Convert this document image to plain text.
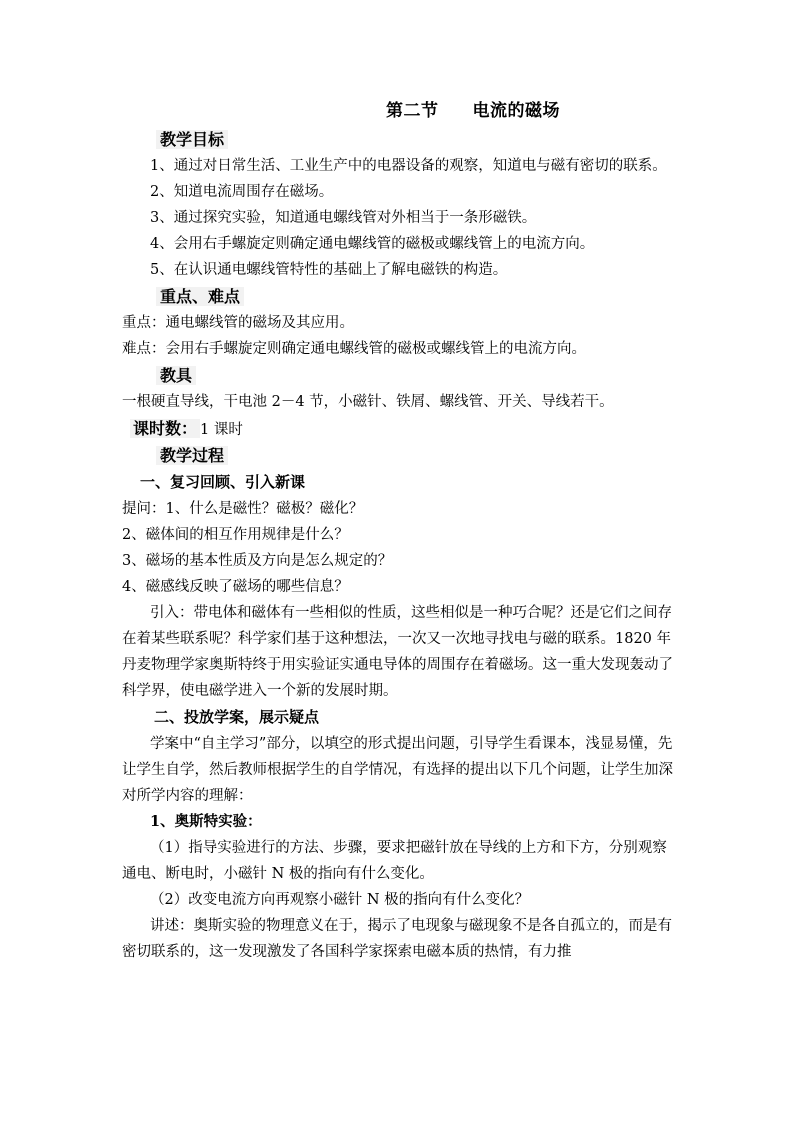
第二节 电流的磁场
教学目标

1、通过对日常生活、工业生产中的电器设备的观察，知道电与磁有密切的联系。

2、知道电流周围存在磁场。

3、通过探究实验，知道通电螺线管对外相当于一条形磁铁。

4、会用右手螺旋定则确定通电螺线管的磁极或螺线管上的电流方向。

5、在认识通电螺线管特性的基础上了解电磁铁的构造。

重点、难点

重点：通电螺线管的磁场及其应用。

难点：会用右手螺旋定则确定通电螺线管的磁极或螺线管上的电流方向。

教具

一根硬直导线，干电池 2－4 节，小磁针、铁屑、螺线管、开关、导线若干。

课时数： 1 课时
教学过程
一、复习回顾、引入新课

提问：1、什么是磁性？磁极？磁化？

2、磁体间的相互作用规律是什么？

3、磁场的基本性质及方向是怎么规定的？

4、磁感线反映了磁场的哪些信息？

引入：带电体和磁体有一些相似的性质，这些相似是一种巧合呢？还是它们之间存在着某些联系呢？科学家们基于这种想法，一次又一次地寻找电与磁的联系。1820 年丹麦物理学家奥斯特终于用实验证实通电导体的周围存在着磁场。这一重大发现轰动了科学界，使电磁学进入一个新的发展时期。

二、投放学案，展示疑点

学案中“自主学习”部分，以填空的形式提出问题，引导学生看课本，浅显易懂，先让学生自学，然后教师根据学生的自学情况，有选择的提出以下几个问题，让学生加深对所学内容的理解：

1、奥斯特实验：

（1）指导实验进行的方法、步骤，要求把磁针放在导线的上方和下方，分别观察通电、断电时，小磁针 N 极的指向有什么变化。

（2）改变电流方向再观察小磁针 N 极的指向有什么变化？

讲述：奥斯实验的物理意义在于，揭示了电现象与磁现象不是各自孤立的，而是有密切联系的，这一发现激发了各国科学家探索电磁本质的热情，有力推
